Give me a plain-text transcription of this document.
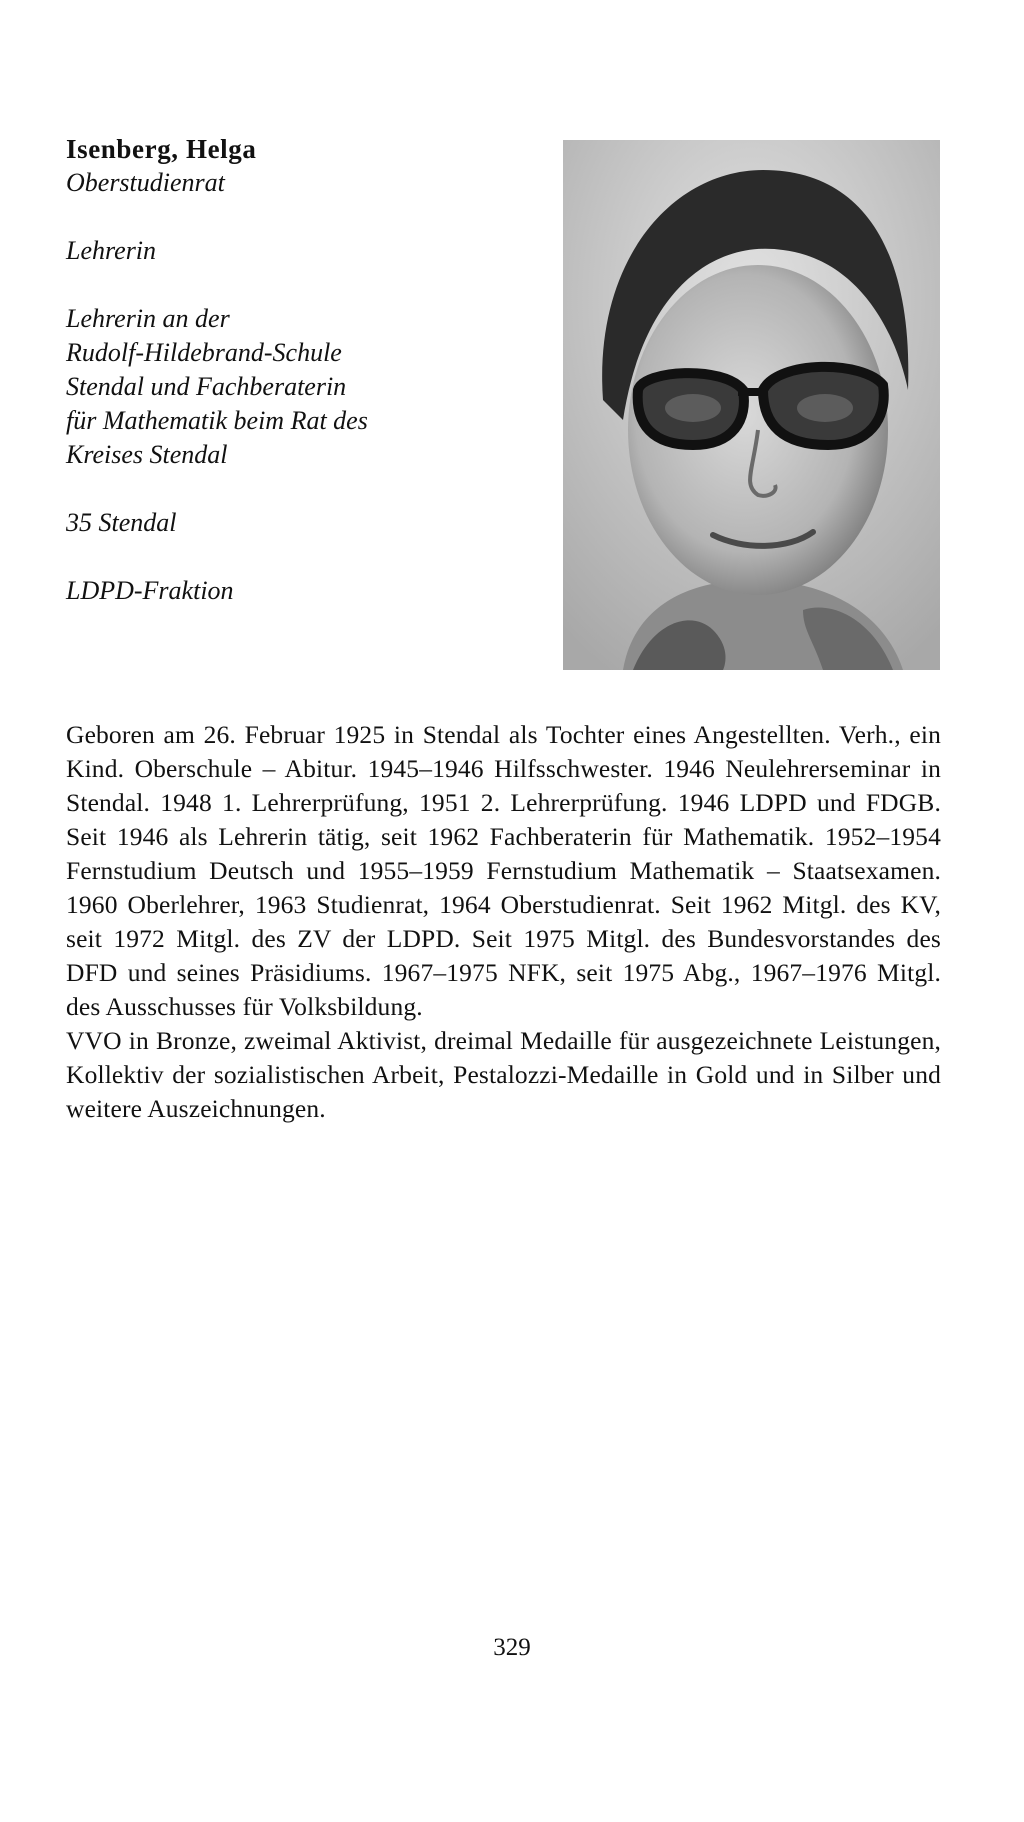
Isenberg, Helga

Oberstudienrat

Lehrerin

Lehrerin an der

Rudolf-Hildebrand-Schule

Stendal und Fachberaterin

für Mathematik beim Rat des

Kreises Stendal

35 Stendal

LDPD-Fraktion

Geboren am 26. Februar 1925 in Stendal als Tochter eines Angestellten. Verh., ein Kind. Oberschule – Abitur. 1945–1946 Hilfsschwester. 1946 Neulehrerseminar in Stendal. 1948 1. Lehrerprüfung, 1951 2. Lehrerprüfung. 1946 LDPD und FDGB. Seit 1946 als Lehrerin tätig, seit 1962 Fachberaterin für Mathematik. 1952–1954 Fernstudium Deutsch und 1955–1959 Fernstudium Mathematik – Staatsexamen. 1960 Oberlehrer, 1963 Studienrat, 1964 Oberstudienrat. Seit 1962 Mitgl. des KV, seit 1972 Mitgl. des ZV der LDPD. Seit 1975 Mitgl. des Bundesvorstandes des DFD und seines Präsidiums. 1967–1975 NFK, seit 1975 Abg., 1967–1976 Mitgl. des Ausschusses für Volksbildung.

VVO in Bronze, zweimal Aktivist, dreimal Medaille für ausgezeichnete Leistungen, Kollektiv der sozialistischen Arbeit, Pestalozzi-Medaille in Gold und in Silber und weitere Auszeichnungen.

329
